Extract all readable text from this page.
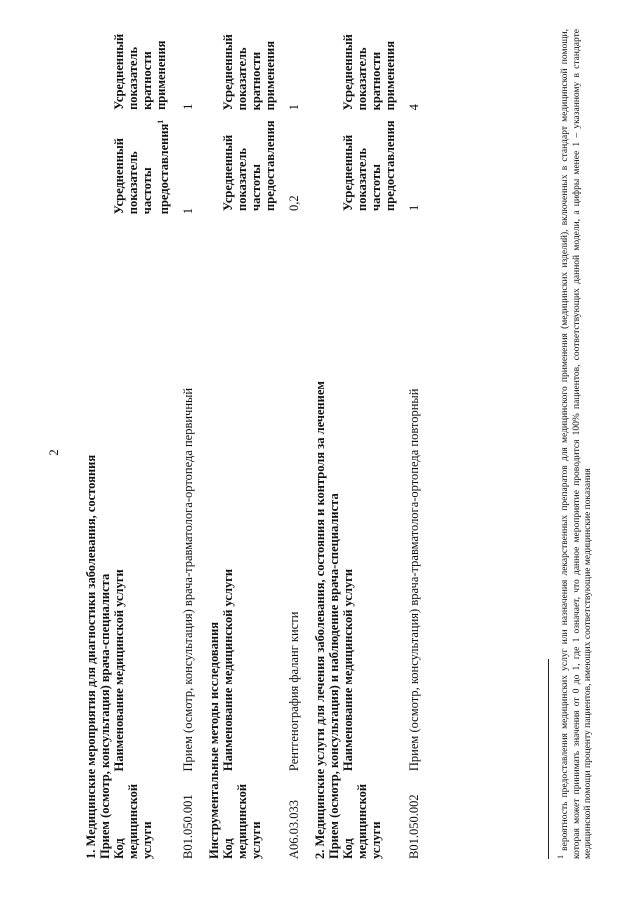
2

1. Медицинские мероприятия для диагностики заболевания, состояния Прием (осмотр, консультация) врача-специалиста Код медицинской услуги	Наименование медицинской услуги	Усредненный показатель частоты предоставления$^1$	Усредненный показатель кратности применения
B01.050.001	Прием (осмотр, консультация) врача-травматолога-ортопеда первичный	1	1

Инструментальные методы исследования Код медицинской услуги	Наименование медицинской услуги	Усредненный показатель частоты предоставления	Усредненный показатель кратности применения
A06.03.033	Рентгенография фаланг кисти	0,2	1

2. Медицинские услуги для лечения заболевания, состояния и контроля за лечением Прием (осмотр, консультация) и наблюдение врача-специалиста Код медицинской услуги	Наименование медицинской услуги	Усредненный показатель частоты предоставления	Усредненный показатель кратности применения
B01.050.002	Прием (осмотр, консультация) врача-травматолога-ортопеда повторный	1	4
$^1$ вероятность предоставления медицинских услуг или назначения лекарственных препаратов для медицинского применения (медицинских изделий), включенных в стандарт медицинской помощи, которая может принимать значения от 0 до 1, где 1 означает, что данное мероприятие проводится 100% пациентов, соответствующих данной модели, а цифры менее 1 – указанному в стандарте медицинской помощи проценту пациентов, имеющих соответствующие медицинские показания
